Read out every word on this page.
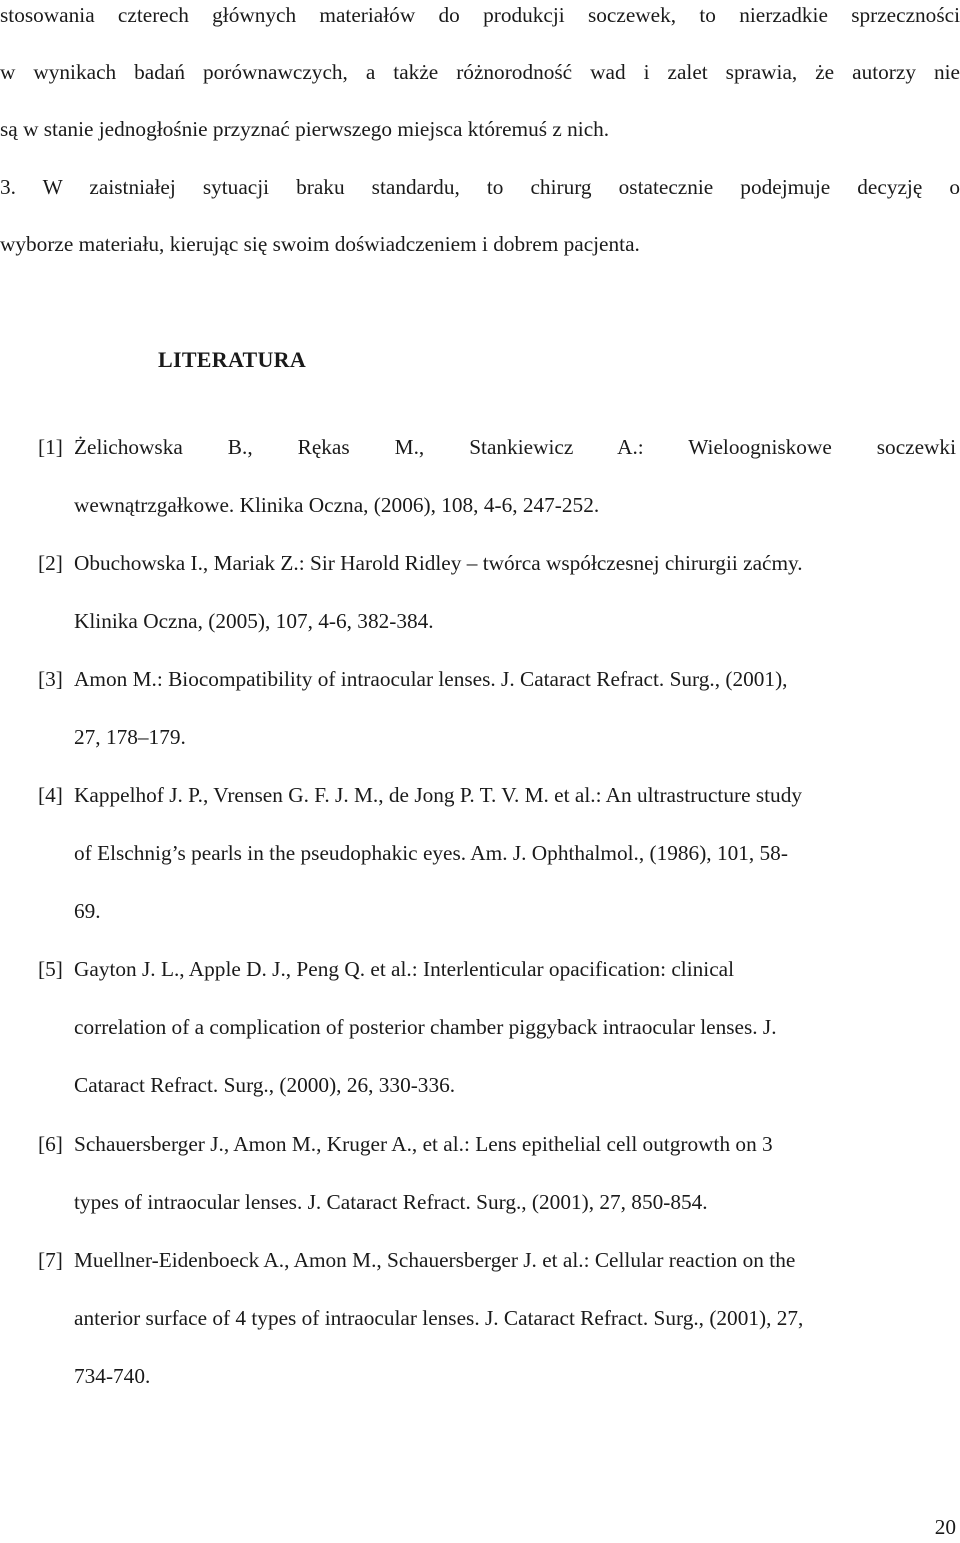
stosowania czterech głównych materiałów do produkcji soczewek, to nierzadkie sprzeczności
w wynikach badań porównawczych, a także różnorodność wad i zalet sprawia, że autorzy nie
są w stanie jednogłośnie przyznać pierwszego miejsca któremuś z nich.
3. W zaistniałej sytuacji braku standardu, to chirurg ostatecznie podejmuje decyzję o
wyborze materiału, kierując się swoim doświadczeniem i dobrem pacjenta.
LITERATURA
[1] Żelichowska B., Rękas M., Stankiewicz A.: Wieloogniskowe soczewki
wewnątrzgałkowe. Klinika Oczna, (2006), 108, 4-6, 247-252.
[2] Obuchowska I., Mariak Z.: Sir Harold Ridley – twórca współczesnej chirurgii zaćmy.
Klinika Oczna, (2005), 107, 4-6, 382-384.
[3] Amon M.: Biocompatibility of intraocular lenses. J. Cataract Refract. Surg., (2001),
27, 178–179.
[4] Kappelhof J. P., Vrensen G. F. J. M., de Jong P. T. V. M. et al.: An ultrastructure study
of Elschnig’s pearls in the pseudophakic eyes. Am. J. Ophthalmol., (1986), 101, 58-
69.
[5] Gayton J. L., Apple D. J., Peng Q. et al.: Interlenticular opacification: clinical
correlation of a complication of posterior chamber piggyback intraocular lenses. J.
Cataract Refract. Surg., (2000), 26, 330-336.
[6] Schauersberger J., Amon M., Kruger A., et al.: Lens epithelial cell outgrowth on 3
types of intraocular lenses. J. Cataract Refract. Surg., (2001), 27, 850-854.
[7] Muellner-Eidenboeck A., Amon M., Schauersberger J. et al.: Cellular reaction on the
anterior surface of 4 types of intraocular lenses. J. Cataract Refract. Surg., (2001), 27,
734-740.
20
